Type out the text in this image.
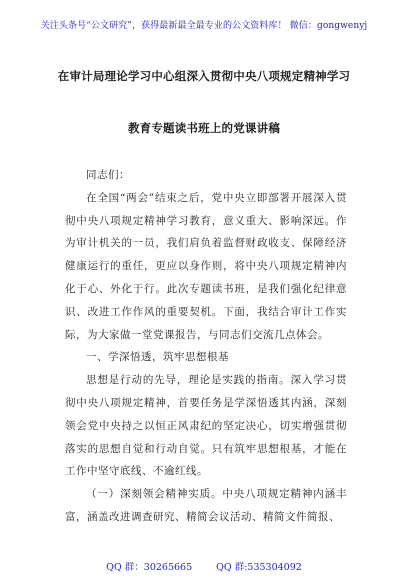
关注头条号“公文研究”，获得最新最全最专业的公文资料库！ 微信：gongwenyj
在审计局理论学习中心组深入贯彻中央八项规定精神学习
教育专题读书班上的党课讲稿

同志们：

在全国“两会”结束之后，党中央立即部署开展深入贯彻中央八项规定精神学习教育，意义重大、影响深远。作为审计机关的一员，我们肩负着监督财政收支、保障经济健康运行的重任，更应以身作则，将中央八项规定精神内化于心、外化于行。此次专题读书班，是我们强化纪律意识、改进工作作风的重要契机。下面，我结合审计工作实际，为大家做一堂党课报告，与同志们交流几点体会。

一、学深悟透，筑牢思想根基

思想是行动的先导，理论是实践的指南。深入学习贯彻中央八项规定精神，首要任务是学深悟透其内涵，深刻领会党中央持之以恒正风肃纪的坚定决心，切实增强贯彻落实的思想自觉和行动自觉。只有筑牢思想根基，才能在工作中坚守底线、不逾红线。

（一）深刻领会精神实质。中央八项规定精神内涵丰富，涵盖改进调查研究、精简会议活动、精简文件简报、

QQ 群：30265665	QQ 群:535304092
